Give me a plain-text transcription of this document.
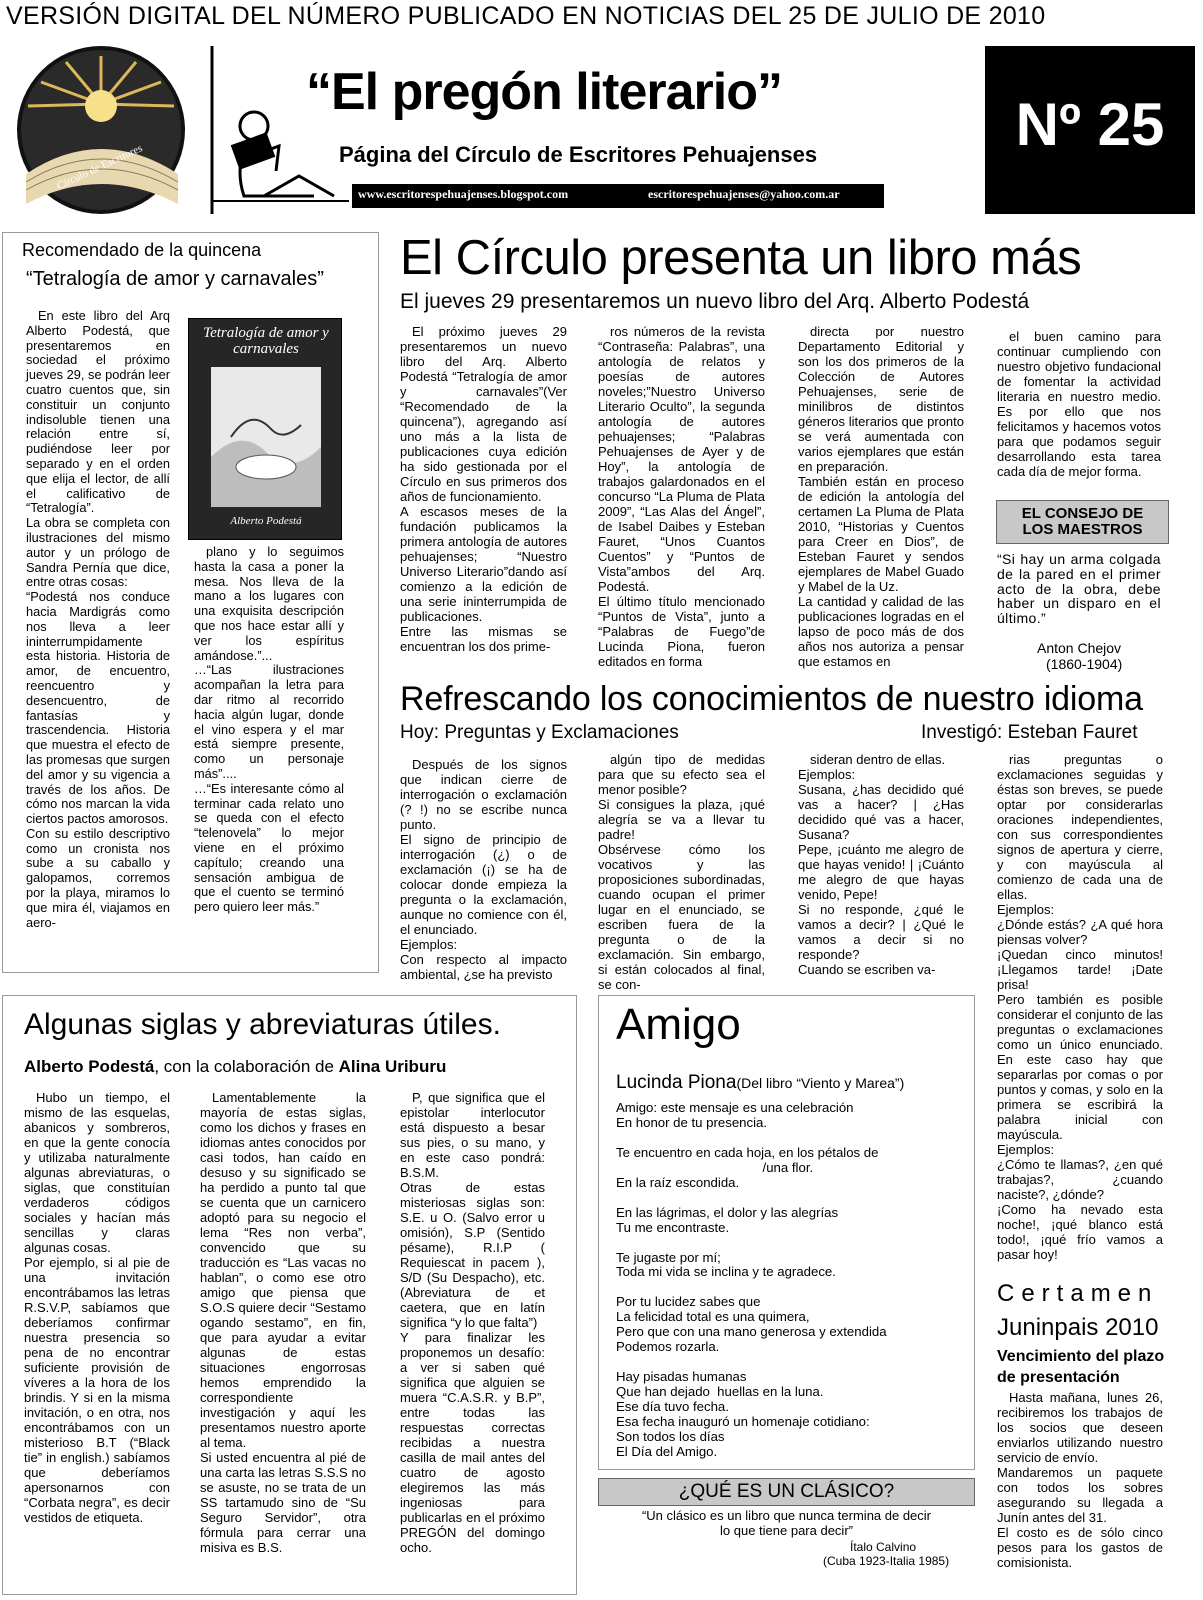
VERSIÓN DIGITAL DEL NÚMERO PUBLICADO EN NOTICIAS DEL 25 DE JULIO DE 2010
Círculo de Escritores
“El pregón literario”
Página del Círculo de Escritores Pehuajenses
www.escritorespehuajenses.blogspot.com	escritorespehuajenses@yahoo.com.ar
Nº 25
Recomendado de la quincena
“Tetralogía de amor y carnavales”
Tetralogía de amor y carnavales
Alberto Podestá
En este libro del Arq Alberto Podestá, que presentaremos en sociedad el próximo jueves 29, se podrán leer cuatro cuentos que, sin constituir un conjunto indisoluble tienen una relación entre sí, pudiéndose leer por separado y en el orden que elija el lector, de allí el calificativo de “Tetralogía”.
La obra se completa con ilustraciones del mismo autor y un prólogo de Sandra Pernía que dice, entre otras cosas:
“Podestá nos conduce hacia Mardigrás como nos lleva a leer ininterrumpidamente esta historia. Historia de amor, de encuentro, reencuentro y desencuentro, de fantasías y trascendencia. Historia que muestra el efecto de las promesas que surgen del amor y su vigencia a través de los años. De cómo nos marcan la vida ciertos pactos amorosos.
Con su estilo descriptivo como un cronista nos sube a su caballo y galopamos, corremos por la playa, miramos lo que mira él, viajamos en aero-
plano y lo seguimos hasta la casa a poner la mesa. Nos lleva de la mano a los lugares con una exquisita descripción que nos hace estar allí y ver los espíritus amándose.”...
…“Las ilustraciones acompañan la letra para dar ritmo al recorrido hacia algún lugar, donde el vino espera y el mar está siempre presente, como un personaje más”....
…“Es interesante cómo al terminar cada relato uno se queda con el efecto “telenovela” lo mejor viene en el próximo capítulo; creando una sensación ambigua de que el cuento se terminó pero quiero leer más.”
El Círculo presenta un libro más
El jueves 29 presentaremos un nuevo libro del Arq. Alberto Podestá
El próximo jueves 29 presentaremos un nuevo libro del Arq. Alberto Podestá “Tetralogía de amor y carnavales”(Ver “Recomendado de la quincena”), agregando así uno más a la lista de publicaciones cuya edición ha sido gestionada por el Círculo en sus primeros dos años de funcionamiento.
A escasos meses de la fundación publicamos la primera antología de autores pehuajenses; “Nuestro Universo Literario”dando así comienzo a la edición de una serie ininterrumpida de publicaciones.
Entre las mismas se encuentran los dos prime-
ros números de la revista “Contraseña: Palabras”, una antología de relatos y poesías de autores noveles;”Nuestro Universo Literario Oculto”, la segunda antología de autores pehuajenses; “Palabras Pehuajenses de Ayer y de Hoy”, la antología de trabajos galardonados en el concurso “La Pluma de Plata 2009”, “Las Alas del Ángel”, de Isabel Daibes y Esteban Fauret, “Unos Cuantos Cuentos” y “Puntos de Vista”ambos del Arq. Podestá.
El último título mencionado “Puntos de Vista”, junto a “Palabras de Fuego”de Lucinda Piona, fueron editados en forma
directa por nuestro Departamento Editorial y son los dos primeros de la Colección de Autores Pehuajenses, serie de minilibros de distintos géneros literarios que pronto se verá aumentada con varios ejemplares que están en preparación.
También están en proceso de edición la antología del certamen La Pluma de Plata 2010, “Historias y Cuentos para Creer en Dios”, de Esteban Fauret y sendos ejemplares de Mabel Guado y Mabel de la Uz.
La cantidad y calidad de las publicaciones logradas en el lapso de poco más de dos años nos autoriza a pensar que estamos en
el buen camino para continuar cumpliendo con nuestro objetivo fundacional de fomentar la actividad literaria en nuestro medio. Es por ello que nos felicitamos y hacemos votos para que podamos seguir desarrollando esta tarea cada día de mejor forma.
EL CONSEJO DE LOS MAESTROS
“Si hay un arma colgada de la pared en el primer acto de la obra, debe haber un disparo en el último.”
Anton Chejov
(1860-1904)
Refrescando los conocimientos de nuestro idioma
Hoy: Preguntas y Exclamaciones	Investigó: Esteban Fauret
Después de los signos que indican cierre de interrogación o exclamación (? !) no se escribe nunca punto.
El signo de principio de interrogación (¿) o de exclamación (¡) se ha de colocar donde empieza la pregunta o la exclamación, aunque no comience con él, el enunciado.
Ejemplos:
Con respecto al impacto ambiental, ¿se ha previsto
algún tipo de medidas para que su efecto sea el menor posible?
Si consigues la plaza, ¡qué alegría se va a llevar tu padre!
Obsérvese cómo los vocativos y las proposiciones subordinadas, cuando ocupan el primer lugar en el enunciado, se escriben fuera de la pregunta o de la exclamación. Sin embargo, si están colocados al final, se con-
sideran dentro de ellas.
Ejemplos:
Susana, ¿has decidido qué vas a hacer? | ¿Has decidido qué vas a hacer, Susana?
Pepe, ¡cuánto me alegro de que hayas venido! | ¡Cuánto me alegro de que hayas venido, Pepe!
Si no responde, ¿qué le vamos a decir? | ¿Qué le vamos a decir si no responde?
Cuando se escriben va-
rias preguntas o exclamaciones seguidas y éstas son breves, se puede optar por considerarlas oraciones independientes, con sus correspondientes signos de apertura y cierre, y con mayúscula al comienzo de cada una de ellas.
Ejemplos:
¿Dónde estás? ¿A qué hora piensas volver?
¡Quedan cinco minutos! ¡Llegamos tarde! ¡Date prisa!
Pero también es posible considerar el conjunto de las preguntas o exclamaciones como un único enunciado. En este caso hay que separarlas por comas o por puntos y comas, y solo en la primera se escribirá la palabra inicial con mayúscula.
Ejemplos:
¿Cómo te llamas?, ¿en qué trabajas?, ¿cuando naciste?, ¿dónde?
¡Como ha nevado esta noche!, ¡qué blanco está todo!, ¡qué frío vamos a pasar hoy!
Algunas siglas y abreviaturas útiles.
Alberto Podestá, con la colaboración de Alina Uriburu
Hubo un tiempo, el mismo de las esquelas, abanicos y sombreros, en que la gente conocía y utilizaba naturalmente algunas abreviaturas, o siglas, que constituían verdaderos códigos sociales y hacían más sencillas y claras algunas cosas.
Por ejemplo, si al pie de una invitación encontrábamos las letras R.S.V.P, sabíamos que deberíamos confirmar nuestra presencia so pena de no encontrar suficiente provisión de víveres a la hora de los brindis. Y si en la misma invitación, o en otra, nos encontrábamos con un misterioso B.T (“Black tie” in english.) sabíamos que deberíamos apersonarnos con “Corbata negra”, es decir vestidos de etiqueta.
Lamentablemente la mayoría de estas siglas, como los dichos y frases en idiomas antes conocidos por casi todos, han caído en desuso y su significado se ha perdido a punto tal que se cuenta que un carnicero adoptó para su negocio el lema “Res non verba”, convencido que su traducción es “Las vacas no hablan”, o como ese otro amigo que piensa que S.O.S quiere decir “Sestamo ogando sestamo”, en fin, que para ayudar a evitar algunas de estas situaciones engorrosas hemos emprendido la correspondiente investigación y aquí les presentamos nuestro aporte al tema.
Si usted encuentra al pié de una carta las letras S.S.S no se asuste, no se trata de un SS tartamudo sino de “Su Seguro Servidor”, otra fórmula para cerrar una misiva es B.S.
P, que significa que el epistolar interlocutor está dispuesto a besar sus pies, o su mano, y en este caso pondrá: B.S.M.
Otras de estas misteriosas siglas son: S.E. u O. (Salvo error u omisión), S.P (Sentido pésame), R.I.P ( Requiescat in pacem ), S/D (Su Despacho), etc. (Abreviatura de et caetera, que en latín significa “y lo que falta”)
Y para finalizar les proponemos un desafío: a ver si saben qué significa que alguien se muera “C.A.S.R. y B.P”, entre todas las respuestas correctas recibidas a nuestra casilla de mail antes del cuatro de agosto elegiremos las más ingeniosas para publicarlas en el próximo PREGÓN del domingo ocho.
Amigo
Lucinda Piona(Del libro “Viento y Marea”)
Amigo: este mensaje es una celebración
En honor de tu presencia.

Te encuentro en cada hoja, en los pétalos de
/una flor.
En la raíz escondida.

En las lágrimas, el dolor y las alegrías
Tu me encontraste.

Te jugaste por mí;
Toda mi vida se inclina y te agradece.

Por tu lucidez sabes que
La felicidad total es una quimera,
Pero que con una mano generosa y extendida
Podemos rozarla.

Hay pisadas humanas
Que han dejado  huellas en la luna.
Ese día tuvo fecha.
Esa fecha inauguró un homenaje cotidiano:
Son todos los días
El Día del Amigo.
¿QUÉ ES UN CLÁSICO?
“Un clásico es un libro que nunca termina de decir
lo que tiene para decir”
Ítalo Calvino
(Cuba 1923-Italia 1985)
Certamen
Juninpais 2010
Vencimiento del plazo de presentación
Hasta mañana, lunes 26, recibiremos los trabajos de los socios que deseen enviarlos utilizando nuestro servicio de envío.
Mandaremos un paquete con todos los sobres asegurando su llegada a Junín antes del 31.
El costo es de sólo cinco pesos para los gastos de comisionista.
